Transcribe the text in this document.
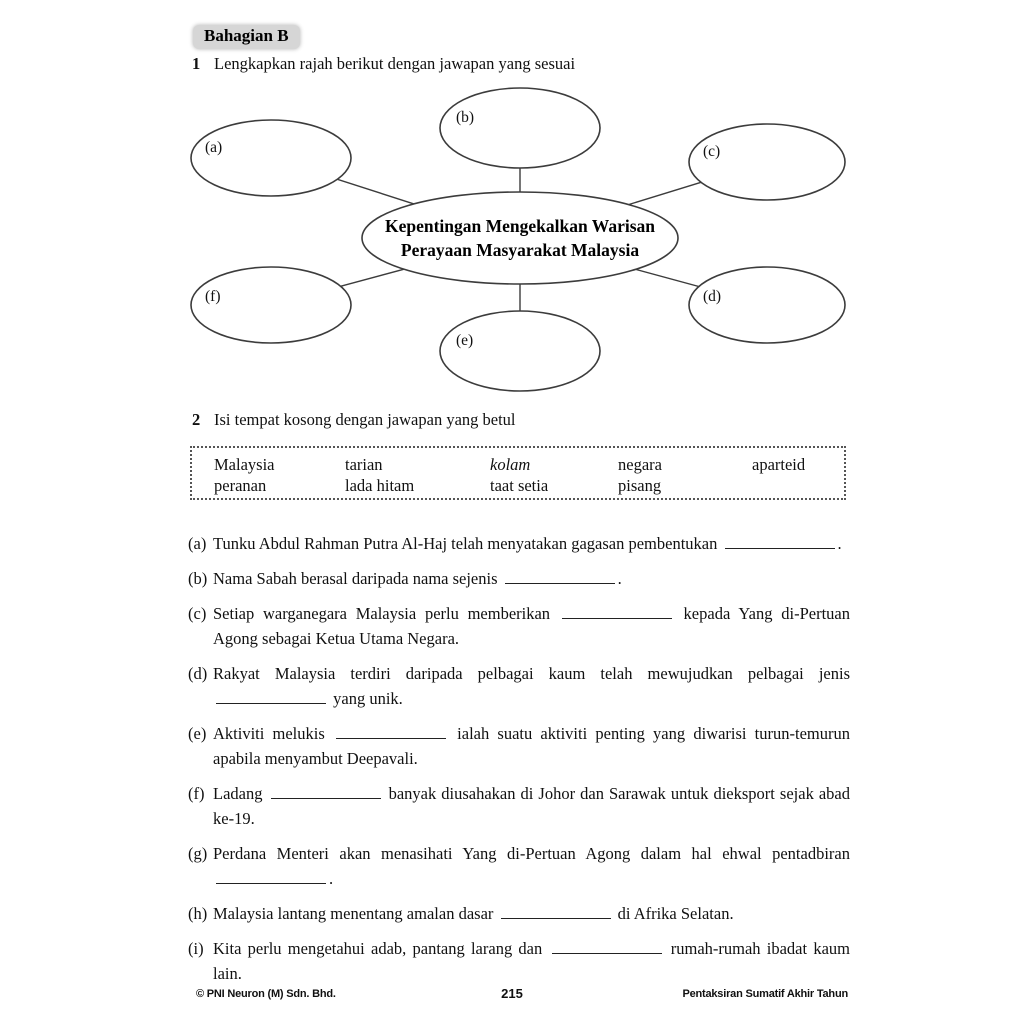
Bahagian B
1 Lengkapkan rajah berikut dengan jawapan yang sesuai
(a)
(b)
(c)
(f)
(e)
(d)
Kepentingan Mengekalkan Warisan
Perayaan Masyarakat Malaysia
2 Isi tempat kosong dengan jawapan yang betul
Malaysia	tarian	kolam	negara	aparteid
peranan	lada hitam	taat setia	pisang
(a) Tunku Abdul Rahman Putra Al-Haj telah menyatakan gagasan pembentukan	.
(b) Nama Sabah berasal daripada nama sejenis	.
(c) Setiap warganegara Malaysia perlu memberikan	kepada Yang di-Pertuan Agong sebagai Ketua Utama Negara.
(d) Rakyat Malaysia terdiri daripada pelbagai kaum telah mewujudkan pelbagai jenis  yang unik.
(e) Aktiviti melukis	ialah suatu aktiviti penting yang diwarisi turun-temurun apabila menyambut Deepavali.
(f) Ladang	banyak diusahakan di Johor dan Sarawak untuk dieksport sejak abad ke-19.
(g) Perdana Menteri akan menasihati Yang di-Pertuan Agong dalam hal ehwal pentadbiran .
(h) Malaysia lantang menentang amalan dasar	di Afrika Selatan.
(i) Kita perlu mengetahui adab, pantang larang dan	rumah-rumah ibadat kaum lain.
© PNI Neuron (M) Sdn. Bhd.	215	Pentaksiran Sumatif Akhir Tahun
